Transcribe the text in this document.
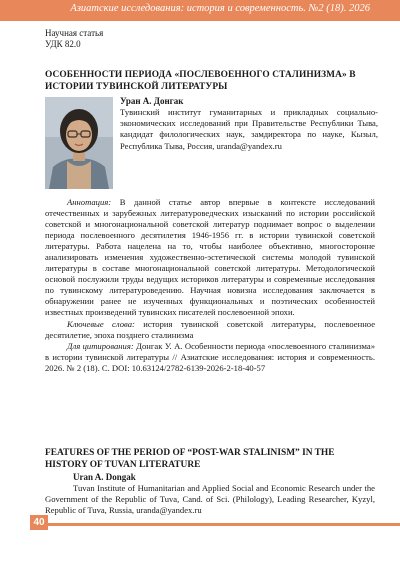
Азиатские исследования: история и современность. №2 (18). 2026
Научная статья
УДК 82.0
ОСОБЕННОСТИ ПЕРИОДА «ПОСЛЕВОЕННОГО СТАЛИНИЗМА» В ИСТОРИИ ТУВИНСКОЙ ЛИТЕРАТУРЫ
Уран А. Донгак
Тувинский институт гуманитарных и прикладных социально-экономических исследований при Правительстве Республики Тыва, кандидат филологических наук, замдиректора по науке, Кызыл, Республика Тыва, Россия, uranda@yandex.ru

Аннотация: В данной статье автор впервые в контексте исследований отечественных и зарубежных литературоведческих изысканий по истории российской советской и многонациональной советской литератур поднимает вопрос о выделении периода послевоенного десятилетия 1946-1956 гг. в истории тувинской советской литературы. Работа нацелена на то, чтобы наиболее объективно, многосторонне анализировать изменения художественно-эстетической системы молодой тувинской литературы в составе многонациональной советской литературы. Методологической основой послужили труды ведущих историков литературы и современные исследования по тувинскому литературоведению. Научная новизна исследования заключается в обнаружении ранее не изученных функциональных и поэтических особенностей известных произведений тувинских писателей послевоенной эпохи.

Ключевые слова: история тувинской советской литературы, послевоенное десятилетие, эпоха позднего сталинизма

Для цитирования: Донгак У. А. Особенности периода «послевоенного сталинизма» в истории тувинской литературы // Азиатские исследования: история и современность. 2026. № 2 (18). С. DOI: 10.63124/2782-6139-2026-2-18-40-57

FEATURES OF THE PERIOD OF “POST-WAR STALINISM” IN THE HISTORY OF TUVAN LITERATURE
Uran A. Dongak
Tuvan Institute of Humanitarian and Applied Social and Economic Research under the Government of the Republic of Tuva, Cand. of Sci. (Philology), Leading Researcher, Kyzyl, Republic of Tuva, Russia, uranda@yandex.ru
40
